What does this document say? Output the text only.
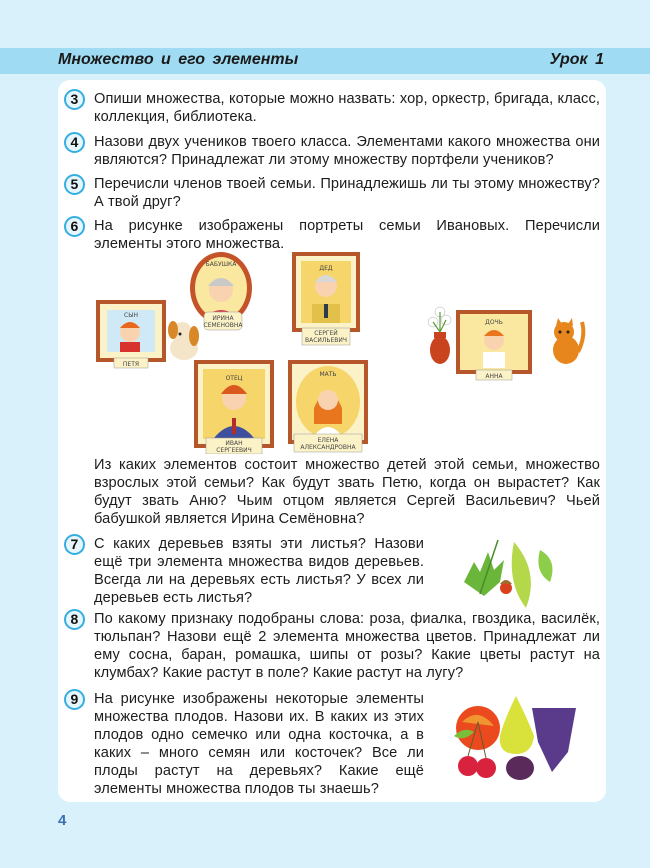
Множество и его элементы	Урок 1
3	Опиши множества, которые можно назвать: хор, оркестр, бригада, класс, коллекция, библиотека.
4	Назови двух учеников твоего класса. Элементами какого множества они являются? Принадлежат ли этому множеству портфели учеников?
5	Перечисли членов твоей семьи. Принадлежишь ли ты этому множеству? А твой друг?
6	На рисунке изображены портреты семьи Ивановых. Перечисли элементы этого множества.
СЫН
ПЕТЯ
БАБУШКА
ИРИНА
СЕМЕНОВНА
ДЕД
СЕРГЕЙ
ВАСИЛЬЕВИЧ
ОТЕЦ
ИВАН
СЕРГЕЕВИЧ
МАТЬ
ЕЛЕНА
АЛЕКСАНДРОВНА
ДОЧЬ
АННА
Из каких элементов состоит множество детей этой семьи, множество взрослых этой семьи? Как будут звать Петю, когда он вырастет? Как будут звать Аню? Чьим отцом является Сергей Васильевич? Чьей бабушкой является Ирина Семёновна?
7	С каких деревьев взяты эти листья? Назови ещё три элемента множества видов деревьев. Всегда ли на деревьях есть листья? У всех ли деревьев есть листья?
8	По какому признаку подобраны слова: роза, фиалка, гвоздика, василёк, тюльпан? Назови ещё 2 элемента множества цветов. Принадлежат ли ему сосна, баран, ромашка, шипы от розы? Какие цветы растут на клумбах? Какие растут в поле? Какие растут на лугу?
9	На рисунке изображены некоторые элементы множества плодов. Назови их. В каких из этих плодов одно семечко или одна косточка, а в каких – много семян или косточек? Все ли плоды растут на деревьях? Какие ещё элементы множества плодов ты знаешь?
4
